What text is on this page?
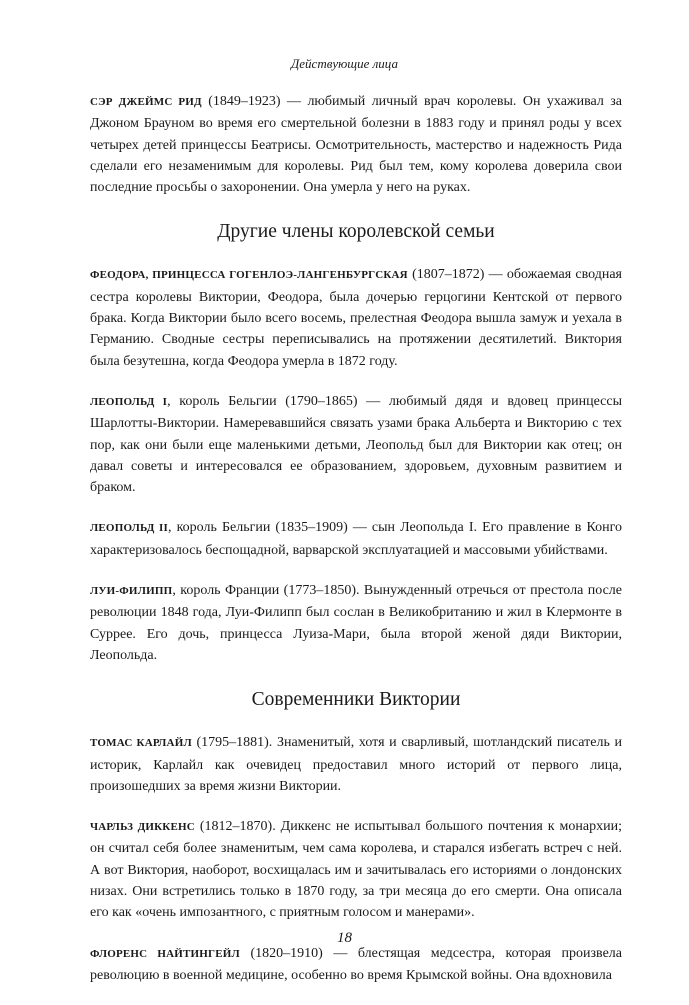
Действующие лица

СЭР ДЖЕЙМС РИД (1849–1923) — любимый личный врач королевы. Он ухаживал за Джоном Брауном во время его смертельной болезни в 1883 году и принял роды у всех четырех детей принцессы Беатрисы. Осмотрительность, мастерство и надежность Рида сделали его незаменимым для королевы. Рид был тем, кому королева доверила свои последние просьбы о захоронении. Она умерла у него на руках.

Другие члены королевской семьи

ФЕОДОРА, ПРИНЦЕССА ГОГЕНЛОЭ-ЛАНГЕНБУРГСКАЯ (1807–1872) — обожаемая сводная сестра королевы Виктории, Феодора, была дочерью герцогини Кентской от первого брака. Когда Виктории было всего восемь, прелестная Феодора вышла замуж и уехала в Германию. Сводные сестры переписывались на протяжении десятилетий. Виктория была безутешна, когда Феодора умерла в 1872 году.

ЛЕОПОЛЬД I, король Бельгии (1790–1865) — любимый дядя и вдовец принцессы Шарлотты-Виктории. Намеревавшийся связать узами брака Альберта и Викторию с тех пор, как они были еще маленькими детьми, Леопольд был для Виктории как отец; он давал советы и интересовался ее образованием, здоровьем, духовным развитием и браком.

ЛЕОПОЛЬД II, король Бельгии (1835–1909) — сын Леопольда I. Его правление в Конго характеризовалось беспощадной, варварской эксплуатацией и массовыми убийствами.

ЛУИ-ФИЛИПП, король Франции (1773–1850). Вынужденный отречься от престола после революции 1848 года, Луи-Филипп был сослан в Великобританию и жил в Клермонте в Суррее. Его дочь, принцесса Луиза-Мари, была второй женой дяди Виктории, Леопольда.

Современники Виктории

ТОМАС КАРЛАЙЛ (1795–1881). Знаменитый, хотя и сварливый, шотландский писатель и историк, Карлайл как очевидец предоставил много историй от первого лица, произошедших за время жизни Виктории.

ЧАРЛЬЗ ДИККЕНС (1812–1870). Диккенс не испытывал большого почтения к монархии; он считал себя более знаменитым, чем сама королева, и старался избегать встреч с ней. А вот Виктория, наоборот, восхищалась им и зачитывалась его историями о лондонских низах. Они встретились только в 1870 году, за три месяца до его смерти. Она описала его как «очень импозантного, с приятным голосом и манерами».

ФЛОРЕНС НАЙТИНГЕЙЛ (1820–1910) — блестящая медсестра, которая произвела революцию в военной медицине, особенно во время Крымской войны. Она вдохновила

18
